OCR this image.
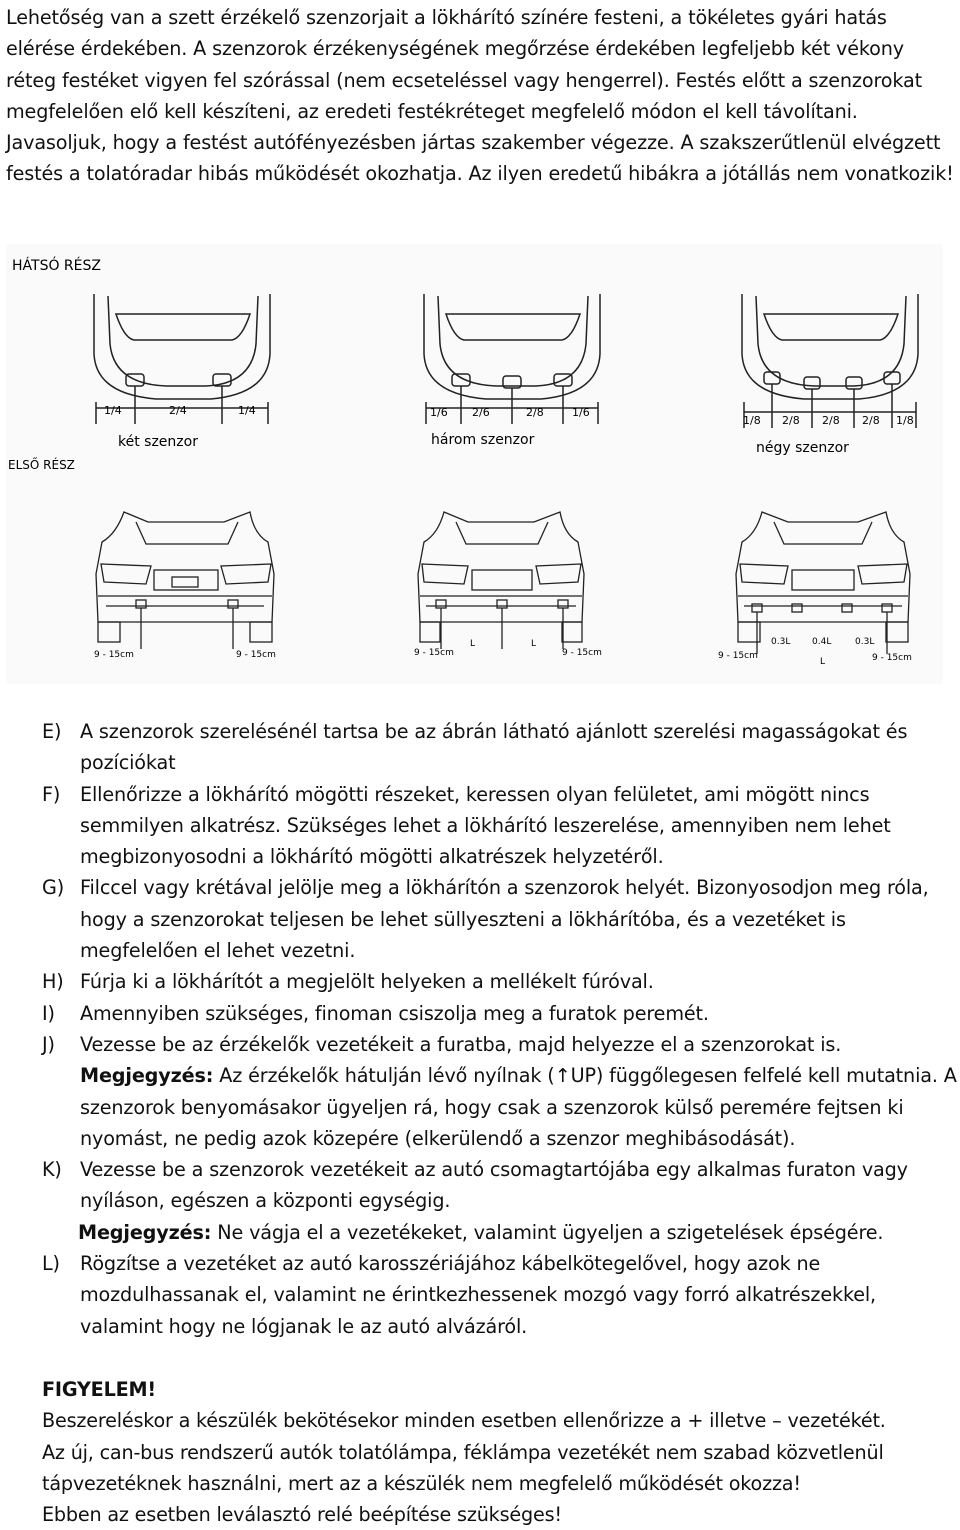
Lehetőség van a szett érzékelő szenzorjait a lökhárító színére festeni, a tökéletes gyári hatás elérése érdekében. A szenzorok érzékenységének megőrzése érdekében legfeljebb két vékony réteg festéket vigyen fel szórással (nem ecseteléssel vagy hengerrel). Festés előtt a szenzorokat megfelelően elő kell készíteni, az eredeti festékréteget megfelelő módon el kell távolítani. Javasoljuk, hogy a festést autófényezésben jártas szakember végezze. A szakszerűtlenül elvégzett festés a tolatóradar hibás működését okozhatja. Az ilyen eredetű hibákra a jótállás nem vonatkozik!
HÁTSÓ RÉSZ
ELSŐ RÉSZ
1/4	2/4	1/4
két szenzor
1/6 2/6	2/8	1/6
három szenzor
1/8 2/8 2/8 2/8 1/8
négy szenzor
9 - 15cm	9 - 15cm	9 - 15cm
L	L
9 - 15cm
0.3L 0.4L	0.3L
9 - 15cm
L	9 - 15cm
E) A szenzorok szerelésénél tartsa be az ábrán látható ajánlott szerelési magasságokat és pozíciókat
F)	Ellenőrizze a lökhárító mögötti részeket, keressen olyan felületet, ami mögött nincs semmilyen alkatrész. Szükséges lehet a lökhárító leszerelése, amennyiben nem lehet megbizonyosodni a lökhárító mögötti alkatrészek helyzetéről.
G) Filccel vagy krétával jelölje meg a lökhárítón a szenzorok helyét. Bizonyosodjon meg róla, hogy a szenzorokat teljesen be lehet süllyeszteni a lökhárítóba, és a vezetéket is megfelelően el lehet vezetni.
H) Fúrja ki a lökhárítót a megjelölt helyeken a mellékelt fúróval.
I)	Amennyiben szükséges, finoman csiszolja meg a furatok peremét.
J)	Vezesse be az érzékelők vezetékeit a furatba, majd helyezze el a szenzorokat is.
Megjegyzés: Az érzékelők hátulján lévő nyílnak (↑UP) függőlegesen felfelé kell mutatnia. A szenzorok benyomásakor ügyeljen rá, hogy csak a szenzorok külső peremére fejtsen ki nyomást, ne pedig azok közepére (elkerülendő a szenzor meghibásodását).
K) Vezesse be a szenzorok vezetékeit az autó csomagtartójába egy alkalmas furaton vagy nyíláson, egészen a központi egységig.
Megjegyzés: Ne vágja el a vezetékeket, valamint ügyeljen a szigetelések épségére.
L)	Rögzítse a vezetéket az autó karosszériájához kábelkötegelővel, hogy azok ne mozdulhassanak el, valamint ne érintkezhessenek mozgó vagy forró alkatrészekkel, valamint hogy ne lógjanak le az autó alvázáról.
FIGYELEM!
Beszereléskor a készülék bekötésekor minden esetben ellenőrizze a + illetve – vezetékét.
Az új, can-bus rendszerű autók tolatólámpa, féklámpa vezetékét nem szabad közvetlenül tápvezetéknek használni, mert az a készülék nem megfelelő működését okozza!
Ebben az esetben leválasztó relé beépítése szükséges!
